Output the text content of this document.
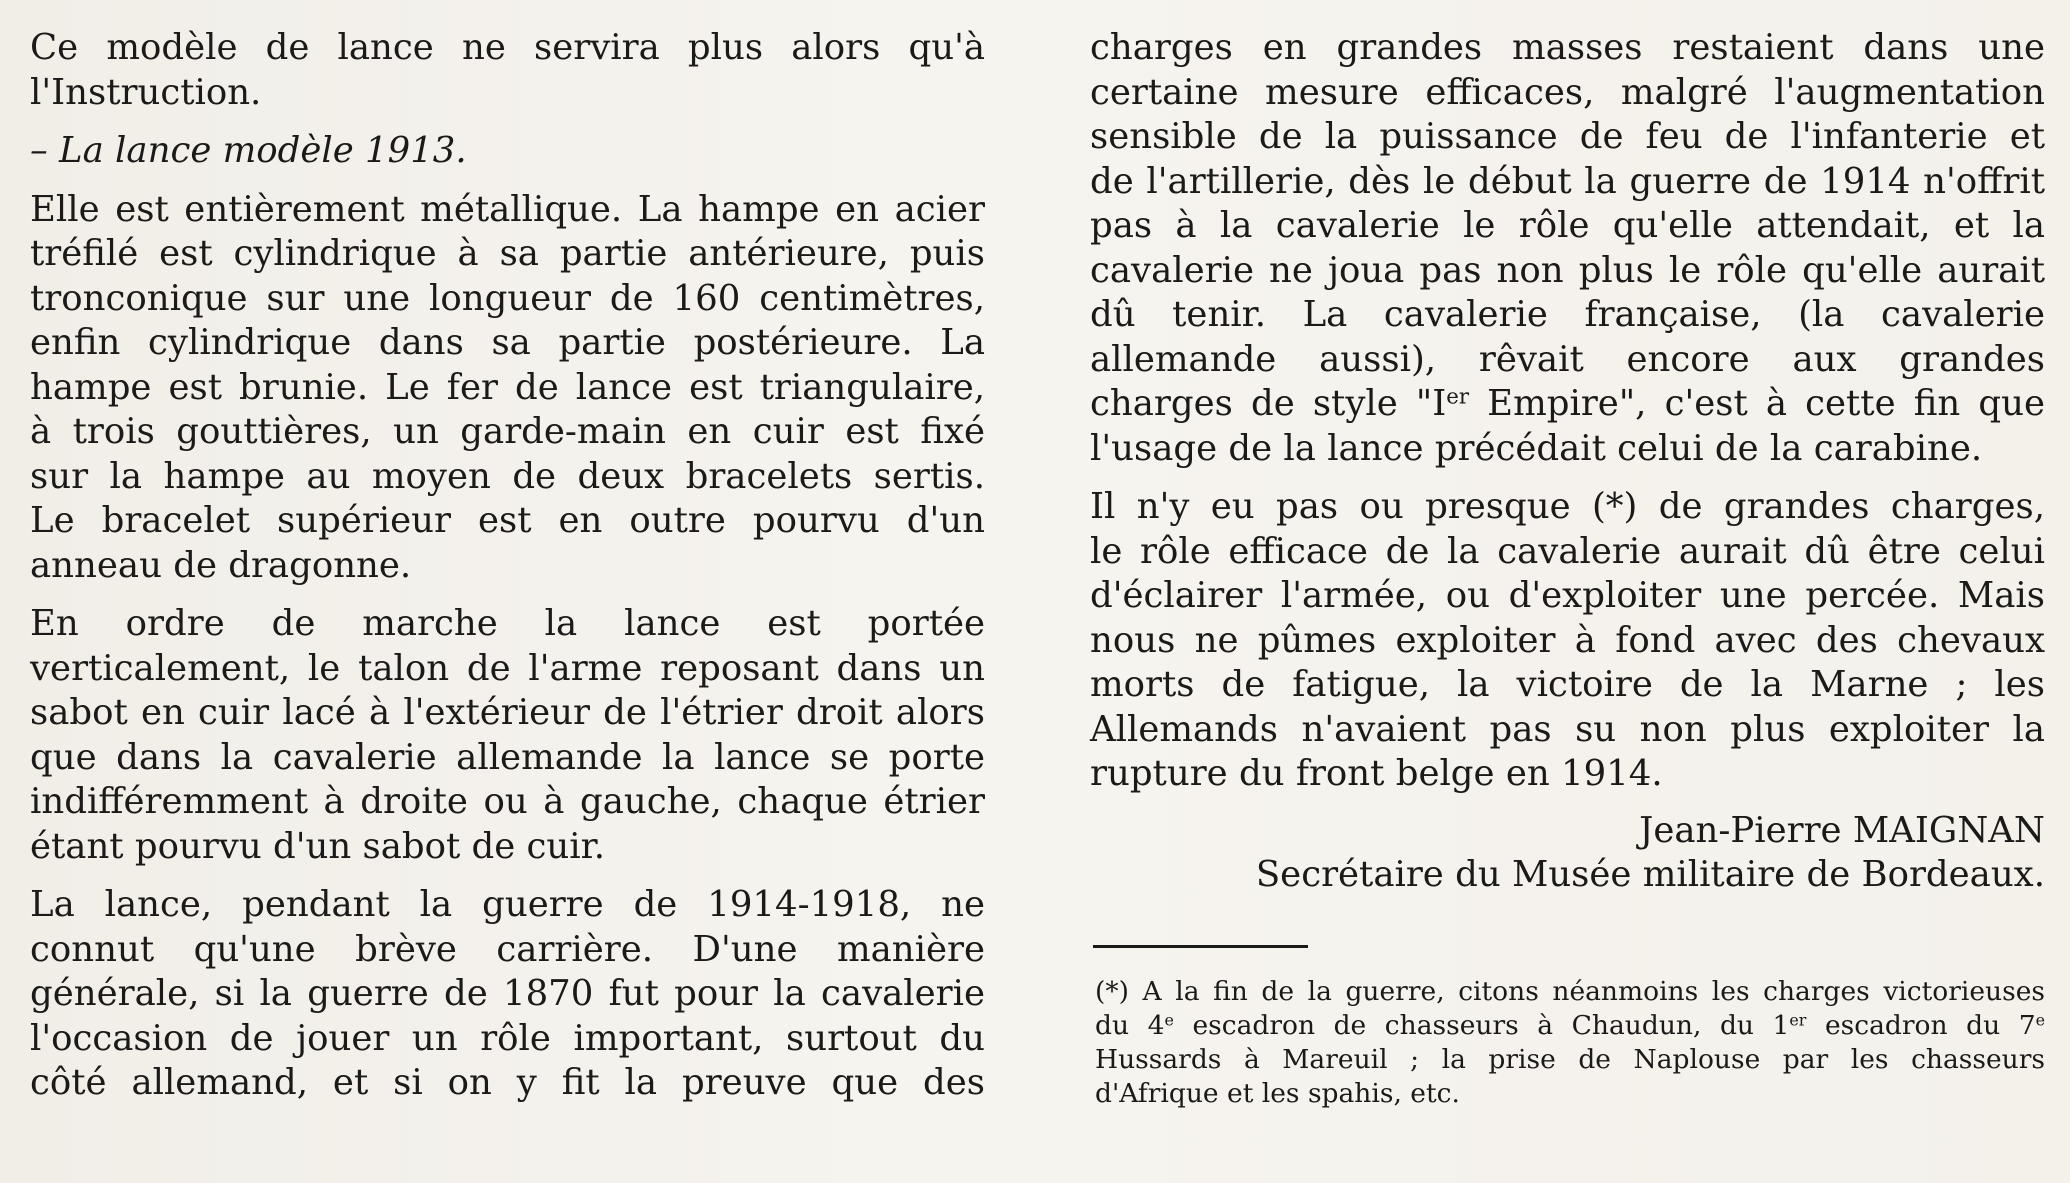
Ce modèle de lance ne servira plus alors qu'à
l'Instruction.
– La lance modèle 1913.
Elle est entièrement métallique. La hampe en acier
tréfilé est cylindrique à sa partie antérieure, puis
tronconique sur une longueur de 160 centimètres,
enfin cylindrique dans sa partie postérieure. La
hampe est brunie. Le fer de lance est triangulaire,
à trois gouttières, un garde-main en cuir est fixé
sur la hampe au moyen de deux bracelets sertis.
Le bracelet supérieur est en outre pourvu d'un
anneau de dragonne.
En ordre de marche la lance est portée
verticalement, le talon de l'arme reposant dans un
sabot en cuir lacé à l'extérieur de l'étrier droit alors
que dans la cavalerie allemande la lance se porte
indifféremment à droite ou à gauche, chaque étrier
étant pourvu d'un sabot de cuir.
La lance, pendant la guerre de 1914-1918, ne
connut qu'une brève carrière. D'une manière
générale, si la guerre de 1870 fut pour la cavalerie
l'occasion de jouer un rôle important, surtout du
côté allemand, et si on y fit la preuve que des
charges en grandes masses restaient dans une
certaine mesure efficaces, malgré l'augmentation
sensible de la puissance de feu de l'infanterie et
de l'artillerie, dès le début la guerre de 1914 n'offrit
pas à la cavalerie le rôle qu'elle attendait, et la
cavalerie ne joua pas non plus le rôle qu'elle aurait
dû tenir. La cavalerie française, (la cavalerie
allemande aussi), rêvait encore aux grandes
charges de style "Ier Empire", c'est à cette fin que
l'usage de la lance précédait celui de la carabine.
Il n'y eu pas ou presque (*) de grandes charges,
le rôle efficace de la cavalerie aurait dû être celui
d'éclairer l'armée, ou d'exploiter une percée. Mais
nous ne pûmes exploiter à fond avec des chevaux
morts de fatigue, la victoire de la Marne ; les
Allemands n'avaient pas su non plus exploiter la
rupture du front belge en 1914.
Jean-Pierre MAIGNAN
Secrétaire du Musée militaire de Bordeaux.
(*) A la fin de la guerre, citons néanmoins les charges victorieuses
du 4e escadron de chasseurs à Chaudun, du 1er escadron du 7e
Hussards à Mareuil ; la prise de Naplouse par les chasseurs
d'Afrique et les spahis, etc.
